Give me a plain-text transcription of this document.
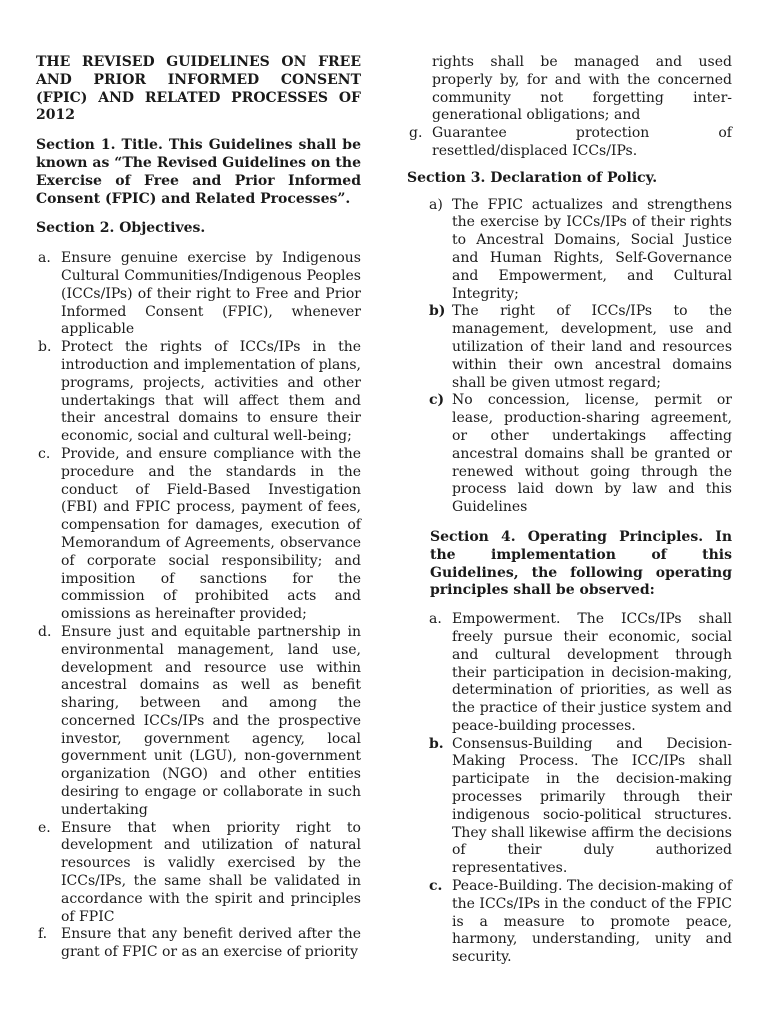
THE REVISED GUIDELINES ON FREE AND PRIOR INFORMED CONSENT (FPIC) AND RELATED PROCESSES OF 2012

Section 1. Title. This Guidelines shall be known as “The Revised Guidelines on the Exercise of Free and Prior Informed Consent (FPIC) and Related Processes”.

Section 2. Objectives.

a. Ensure genuine exercise by Indigenous Cultural Communities/Indigenous Peoples (ICCs/IPs) of their right to Free and Prior Informed Consent (FPIC), whenever applicable
b. Protect the rights of ICCs/IPs in the introduction and implementation of plans, programs, projects, activities and other undertakings that will affect them and their ancestral domains to ensure their economic, social and cultural well-being;
c. Provide, and ensure compliance with the procedure and the standards in the conduct of Field-Based Investigation (FBI) and FPIC process, payment of fees, compensation for damages, execution of Memorandum of Agreements, observance of corporate social responsibility; and imposition of sanctions for the commission of prohibited acts and omissions as hereinafter provided;
d. Ensure just and equitable partnership in environmental management, land use, development and resource use within ancestral domains as well as benefit sharing, between and among the concerned ICCs/IPs and the prospective investor, government agency, local government unit (LGU), non-government organization (NGO) and other entities desiring to engage or collaborate in such undertaking
e. Ensure that when priority right to development and utilization of natural resources is validly exercised by the ICCs/IPs, the same shall be validated in accordance with the spirit and principles of FPIC
f. Ensure that any benefit derived after the grant of FPIC or as an exercise of priority

rights shall be managed and used properly by, for and with the concerned community not forgetting inter-generational obligations; and

g. Guarantee protection of resettled/displaced ICCs/IPs.

Section 3. Declaration of Policy.

a) The FPIC actualizes and strengthens the exercise by ICCs/IPs of their rights to Ancestral Domains, Social Justice and Human Rights, Self-Governance and Empowerment, and Cultural Integrity;
b) The right of ICCs/IPs to the management, development, use and utilization of their land and resources within their own ancestral domains shall be given utmost regard;
c) No concession, license, permit or lease, production-sharing agreement, or other undertakings affecting ancestral domains shall be granted or renewed without going through the process laid down by law and this Guidelines

Section 4. Operating Principles. In the implementation of this Guidelines, the following operating principles shall be observed:

a. Empowerment. The ICCs/IPs shall freely pursue their economic, social and cultural development through their participation in decision-making, determination of priorities, as well as the practice of their justice system and peace-building processes.
b. Consensus-Building and Decision-Making Process. The ICC/IPs shall participate in the decision-making processes primarily through their indigenous socio-political structures. They shall likewise affirm the decisions of their duly authorized representatives.
c. Peace-Building. The decision-making of the ICCs/IPs in the conduct of the FPIC is a measure to promote peace, harmony, understanding, unity and security.
